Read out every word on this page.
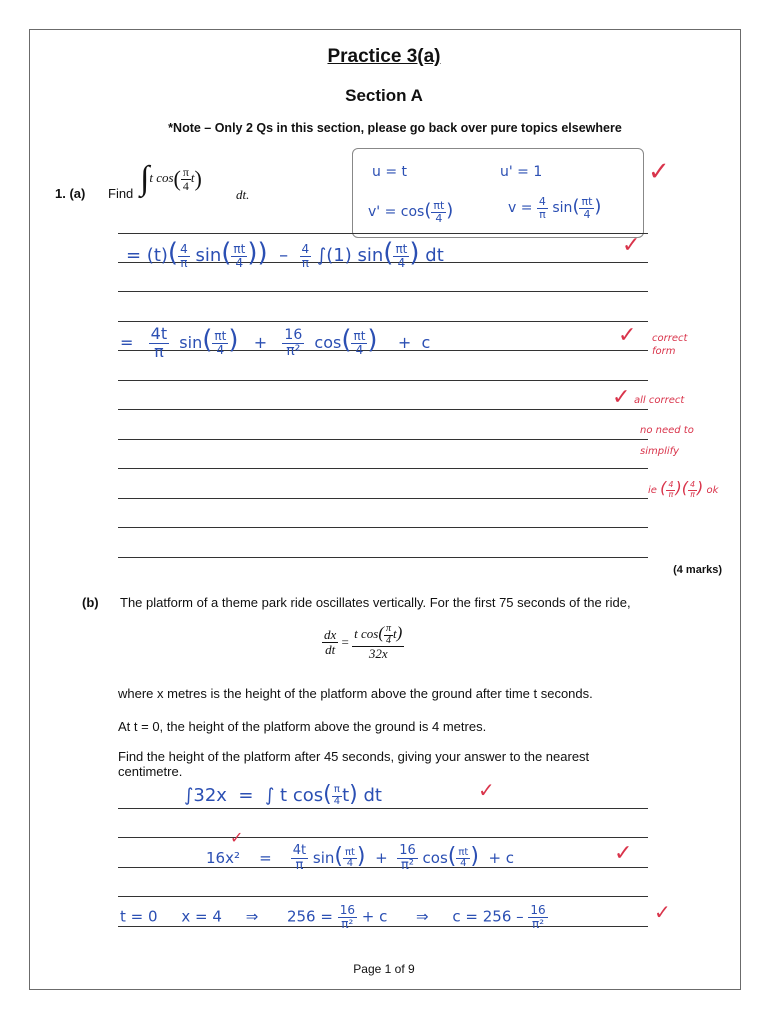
Practice 3(a)
Section A
*Note – Only 2 Qs in this section, please go back over pure topics elsewhere
1. (a) Find ∫t $\cos( \frac{\pi}{4} t)$
dt.
u = t	u' = 1
$v' = \cos( \frac{\pi t}{4}$ )	$v = \frac{4}{\pi} \sin( \frac{\pi t}{4}$ )
✓
= $(t)( \frac{4}{\pi} \sin( \frac{\pi t}{4}$ )) – $\frac{4}{\pi} \int(1)$ $\sin( \frac{\pi t}{4}$ ) dt	✓
= $\frac{4t}{\pi} \sin( \frac{\pi t}{4}$ ) + $\frac{16}{\text{π²}} \cos( \frac{\pi t}{4}$ ) + c	✓ correct form
✓ all correct
no need to simplify
ie ( $\frac{4}{\pi}$ )( $\frac{4}{\pi}$ ) ok
(4 marks)
(b) The platform of a theme park ride oscillates vertically. For the first 75 seconds of the ride,
$\frac{dx}{dt} = \frac{t \cos( \frac{\pi}{4} t)}{32x}$
where x metres is the height of the platform above the ground after time t seconds.
At t = 0, the height of the platform above the ground is 4 metres.
Find the height of the platform after 45 seconds, giving your answer to the nearest centimetre.
∫32x = ∫ t $\cos( \frac{\pi}{4} t)$ dt	✓
✓
$16x^2 = \frac{4t}{\pi} \sin( \frac{\pi t}{4}$ ) + $\frac{16}{\text{π²}} \cos( \frac{\pi t}{4}$ ) + c	✓
t = 0 x = 4 ⇒ $256 = \frac{16}{\text{π²}} + c$ ⇒ $c = 256 - \frac{16}{\text{π²}}$	✓
Page 1 of 9
